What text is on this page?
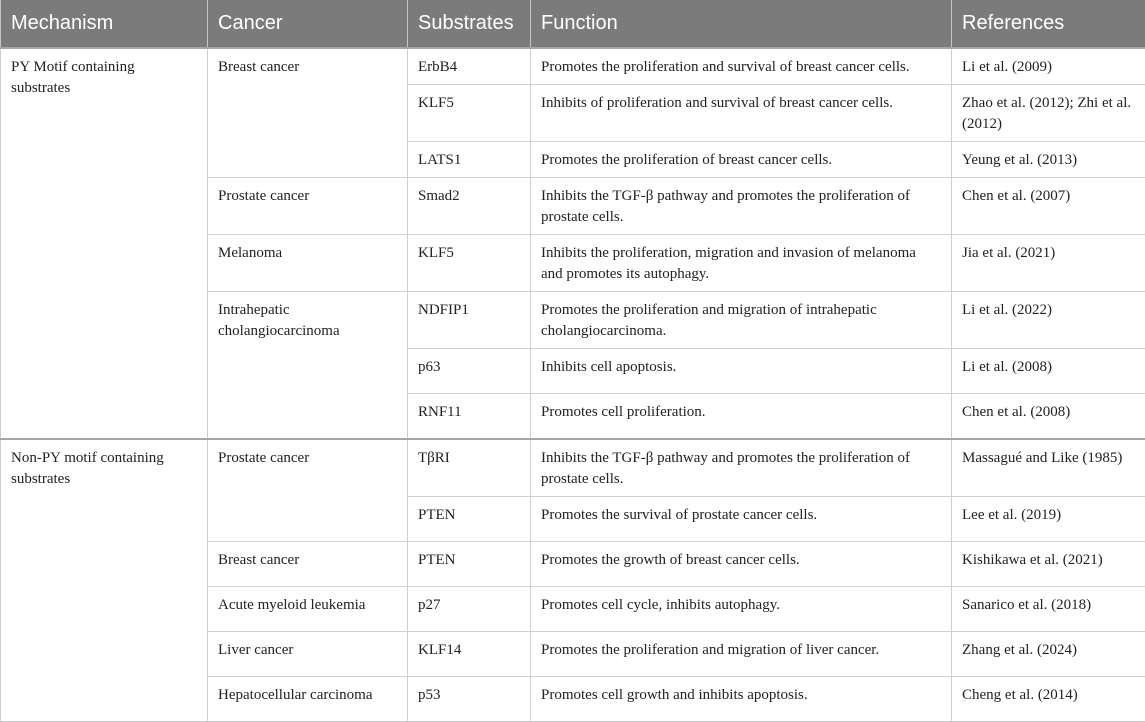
Mechanism	Cancer	Substrates	Function	References
PY Motif containing substrates	Breast cancer	ErbB4	Promotes the proliferation and survival of breast cancer cells.	Li et al. (2009)
		KLF5	Inhibits of proliferation and survival of breast cancer cells.	Zhao et al. (2012); Zhi et al. (2012)
		LATS1	Promotes the proliferation of breast cancer cells.	Yeung et al. (2013)
	Prostate cancer	Smad2	Inhibits the TGF-β pathway and promotes the proliferation of prostate cells.	Chen et al. (2007)
	Melanoma	KLF5	Inhibits the proliferation, migration and invasion of melanoma and promotes its autophagy.	Jia et al. (2021)
	Intrahepatic cholangiocarcinoma	NDFIP1	Promotes the proliferation and migration of intrahepatic cholangiocarcinoma.	Li et al. (2022)
		p63	Inhibits cell apoptosis.	Li et al. (2008)
		RNF11	Promotes cell proliferation.	Chen et al. (2008)
Non-PY motif containing substrates	Prostate cancer	TβRI	Inhibits the TGF-β pathway and promotes the proliferation of prostate cells.	Massagué and Like (1985)
		PTEN	Promotes the survival of prostate cancer cells.	Lee et al. (2019)
	Breast cancer	PTEN	Promotes the growth of breast cancer cells.	Kishikawa et al. (2021)
	Acute myeloid leukemia	p27	Promotes cell cycle, inhibits autophagy.	Sanarico et al. (2018)
	Liver cancer	KLF14	Promotes the proliferation and migration of liver cancer.	Zhang et al. (2024)
	Hepatocellular carcinoma	p53	Promotes cell growth and inhibits apoptosis.	Cheng et al. (2014)
